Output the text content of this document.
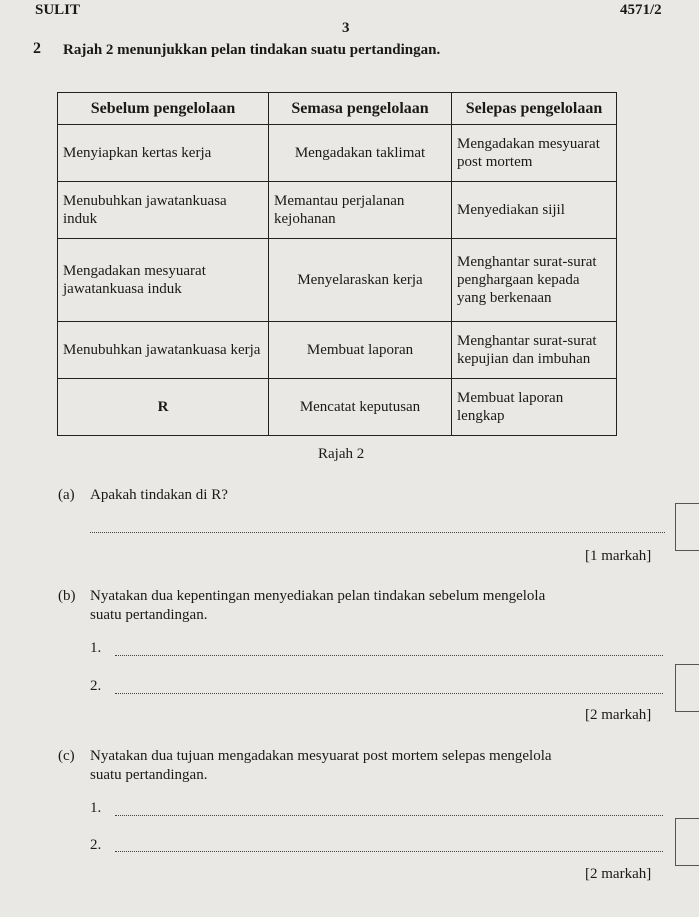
SULIT	4571/2
3
2 Rajah 2 menunjukkan pelan tindakan suatu pertandingan.
Sebelum pengelolaan	Semasa pengelolaan	Selepas pengelolaan
Menyiapkan kertas kerja	Mengadakan taklimat	Mengadakan mesyuarat post mortem
Menubuhkan jawatankuasa induk	Memantau perjalanan kejohanan	Menyediakan sijil
Mengadakan mesyuarat jawatankuasa induk	Menyelaraskan kerja	Menghantar surat-surat penghargaan kepada yang berkenaan
Menubuhkan jawatankuasa kerja	Membuat laporan	Menghantar surat-surat kepujian dan imbuhan
R	Mencatat keputusan	Membuat laporan lengkap
Rajah 2
(a) Apakah tindakan di R?
[1 markah]
(b) Nyatakan dua kepentingan menyediakan pelan tindakan sebelum mengelola
suatu pertandingan.
1.
2.
[2 markah]
(c) Nyatakan dua tujuan mengadakan mesyuarat post mortem selepas mengelola
suatu pertandingan.
1.
2.
[2 markah]
